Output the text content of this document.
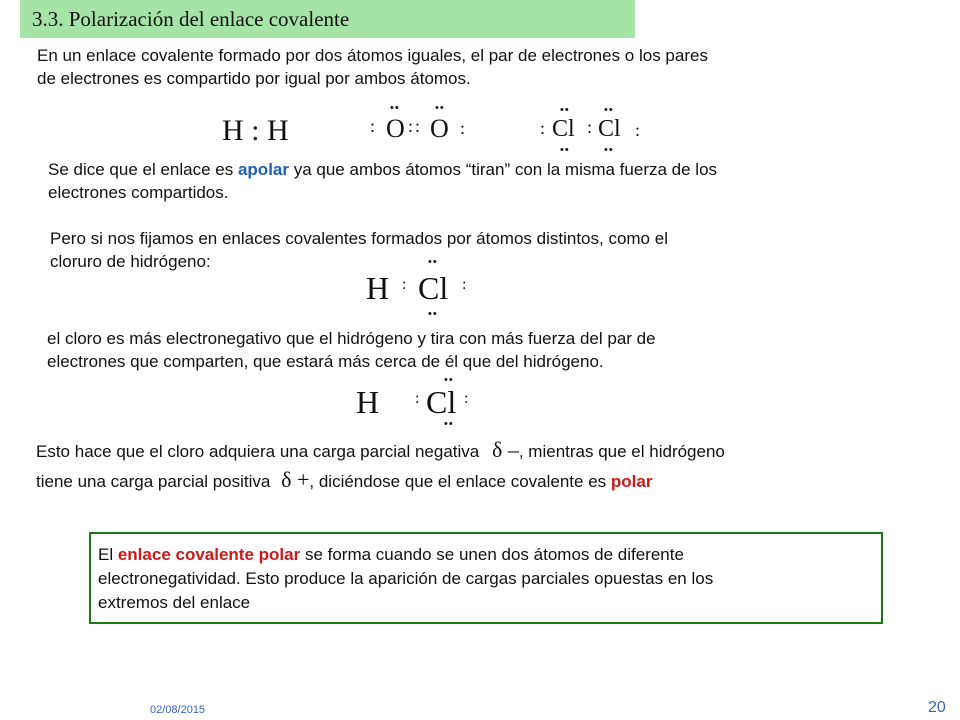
3.3. Polarización del enlace covalente
En un enlace covalente formado por dos átomos iguales, el par de electrones o los pares
de electrones es compartido por igual por ambos átomos.
H : H
••	••
: O : : O :
••	••
: Cl : Cl :
••	••
Se dice que el enlace es apolar ya que ambos átomos “tiran” con la misma fuerza de los
electrones compartidos.
Pero si nos fijamos en enlaces covalentes formados por átomos distintos, como el
cloruro de hidrógeno:
H :
••
Cl :
••
el cloro es más electronegativo que el hidrógeno y tira con más fuerza del par de
electrones que comparten, que estará más cerca de él que del hidrógeno.
H
••
: Cl :
••
Esto hace que el cloro adquiera una carga parcial negativa δ –, mientras que el hidrógeno
tiene una carga parcial positiva δ +, diciéndose que el enlace covalente es polar
El enlace covalente polar se forma cuando se unen dos átomos de diferente
electronegatividad. Esto produce la aparición de cargas parciales opuestas en los
extremos del enlace
02/08/2015	20
